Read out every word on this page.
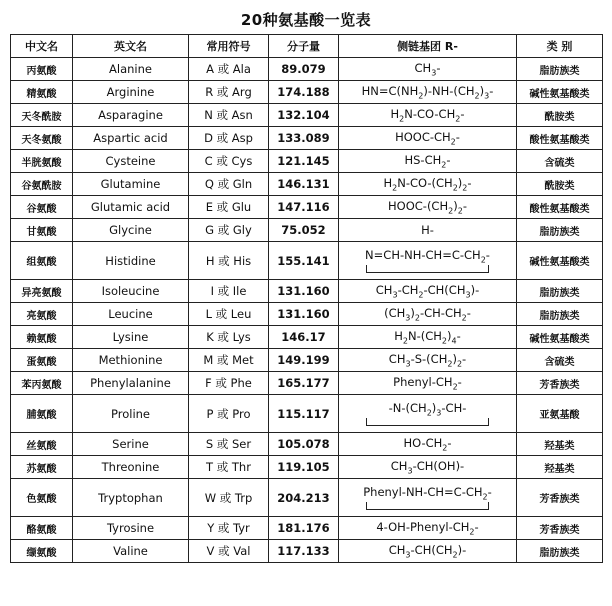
20种氨基酸一览表
中文名	英文名	常用符号	分子量	侧链基团 R-	类 别
丙氨酸	Alanine	A 或 Ala	89.079	$CH_3-$	脂肪族类
精氨酸	Arginine	R 或 Arg	174.188	$HN=C(NH_2)-NH-(CH_2)_3-$	碱性氨基酸类
天冬酰胺	Asparagine	N 或 Asn	132.104	$H_2N-CO-CH_2-$	酰胺类
天冬氨酸	Aspartic acid	D 或 Asp	133.089	HOOC-$CH_2-$	酸性氨基酸类
半胱氨酸	Cysteine	C 或 Cys	121.145	$HS-CH_2-$	含硫类
谷氨酰胺	Glutamine	Q 或 Gln	146.131	$H_2N-CO-(CH_2)_2-$	酰胺类
谷氨酸	Glutamic acid	E 或 Glu	147.116	HOOC-$(CH_2)_2-$	酸性氨基酸类
甘氨酸	Glycine	G 或 Gly	75.052	H-	脂肪族类
组氨酸	Histidine	H 或 His	155.141	$N=CH-NH-CH=C-CH_2-$	碱性氨基酸类
异亮氨酸	Isoleucine	I 或 Ile	131.160	$CH_3-CH_2-CH(CH_3)-$	脂肪族类
亮氨酸	Leucine	L 或 Leu	131.160	$(CH_3)_2-CH-CH_2-$	脂肪族类
赖氨酸	Lysine	K 或 Lys	146.17	$H_2N-(CH_2)_4-$	碱性氨基酸类
蛋氨酸	Methionine	M 或 Met	149.199	$CH_3-S-(CH_2)_2-$	含硫类
苯丙氨酸	Phenylalanine	F 或 Phe	165.177	Phenyl-$CH_2-$	芳香族类
脯氨酸	Proline	P 或 Pro	115.117	$-N-(CH_2)_3-CH-$	亚氨基酸
丝氨酸	Serine	S 或 Ser	105.078	$HO-CH_2-$	羟基类
苏氨酸	Threonine	T 或 Thr	119.105	$CH_3-CH(OH)-$	羟基类
色氨酸	Tryptophan	W 或 Trp	204.213	Phenyl-$NH-CH=C-CH_2-$	芳香族类
酪氨酸	Tyrosine	Y 或 Tyr	181.176	$4-OH-Phenyl-CH_2-$	芳香族类
缬氨酸	Valine	V 或 Val	117.133	$CH_3-CH(CH_2)-$	脂肪族类
